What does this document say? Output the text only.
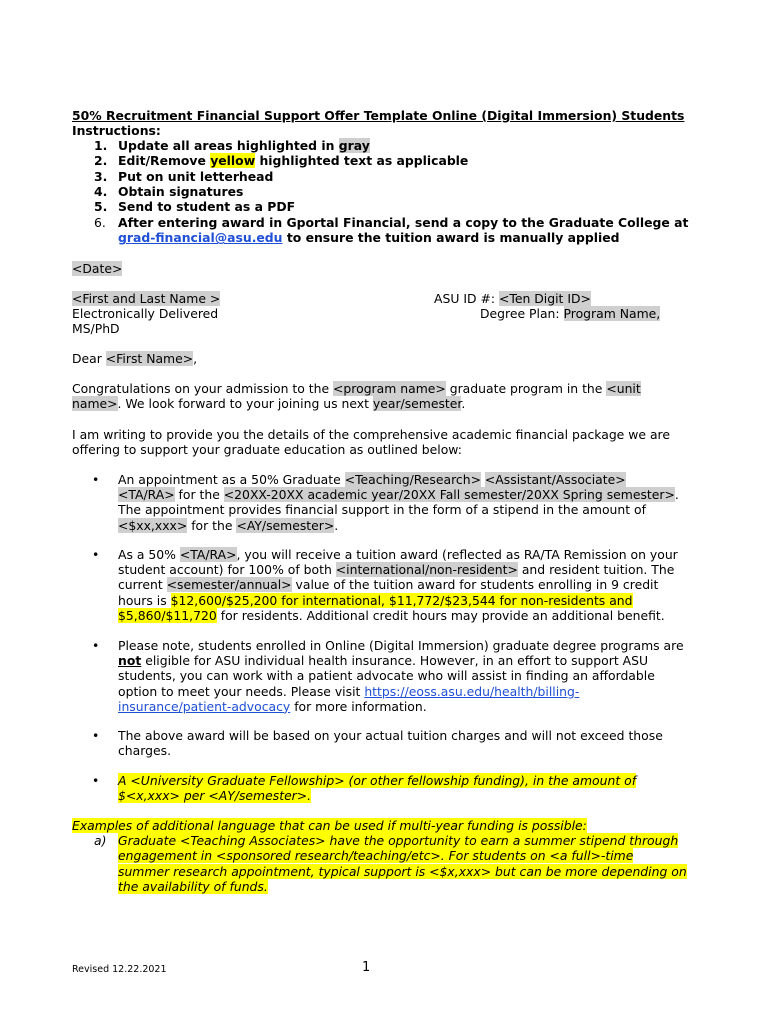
50% Recruitment Financial Support Offer Template Online (Digital Immersion) Students
Instructions:
1. Update all areas highlighted in gray
2. Edit/Remove yellow highlighted text as applicable
3. Put on unit letterhead
4. Obtain signatures
5. Send to student as a PDF
6. After entering award in Gportal Financial, send a copy to the Graduate College at
grad-financial@asu.edu to ensure the tuition award is manually applied
<Date>
<First and Last Name >
Electronically Delivered
MS/PhD
ASU ID #: <Ten Digit ID>
Degree Plan: Program Name,
Dear <First Name>,
Congratulations on your admission to the <program name> graduate program in the <unit
name>. We look forward to your joining us next year/semester.
I am writing to provide you the details of the comprehensive academic financial package we are
offering to support your graduate education as outlined below:
• An appointment as a 50% Graduate <Teaching/Research> <Assistant/Associate>
<TA/RA> for the <20XX-20XX academic year/20XX Fall semester/20XX Spring semester>.
The appointment provides financial support in the form of a stipend in the amount of
<$xx,xxx> for the <AY/semester>.
• As a 50% <TA/RA>, you will receive a tuition award (reflected as RA/TA Remission on your
student account) for 100% of both <international/non-resident> and resident tuition. The
current <semester/annual> value of the tuition award for students enrolling in 9 credit
hours is $12,600/$25,200 for international, $11,772/$23,544 for non-residents and
$5,860/$11,720 for residents. Additional credit hours may provide an additional benefit.
• Please note, students enrolled in Online (Digital Immersion) graduate degree programs are
not eligible for ASU individual health insurance. However, in an effort to support ASU
students, you can work with a patient advocate who will assist in finding an affordable
option to meet your needs. Please visit https://eoss.asu.edu/health/billing-
insurance/patient-advocacy for more information.
• The above award will be based on your actual tuition charges and will not exceed those
charges.
• A <University Graduate Fellowship> (or other fellowship funding), in the amount of
$<x,xxx> per <AY/semester>.
Examples of additional language that can be used if multi-year funding is possible:
a) Graduate <Teaching Associates> have the opportunity to earn a summer stipend through
engagement in <sponsored research/teaching/etc>. For students on <a full>-time
summer research appointment, typical support is <$x,xxx> but can be more depending on
the availability of funds.
Revised 12.22.2021	1
